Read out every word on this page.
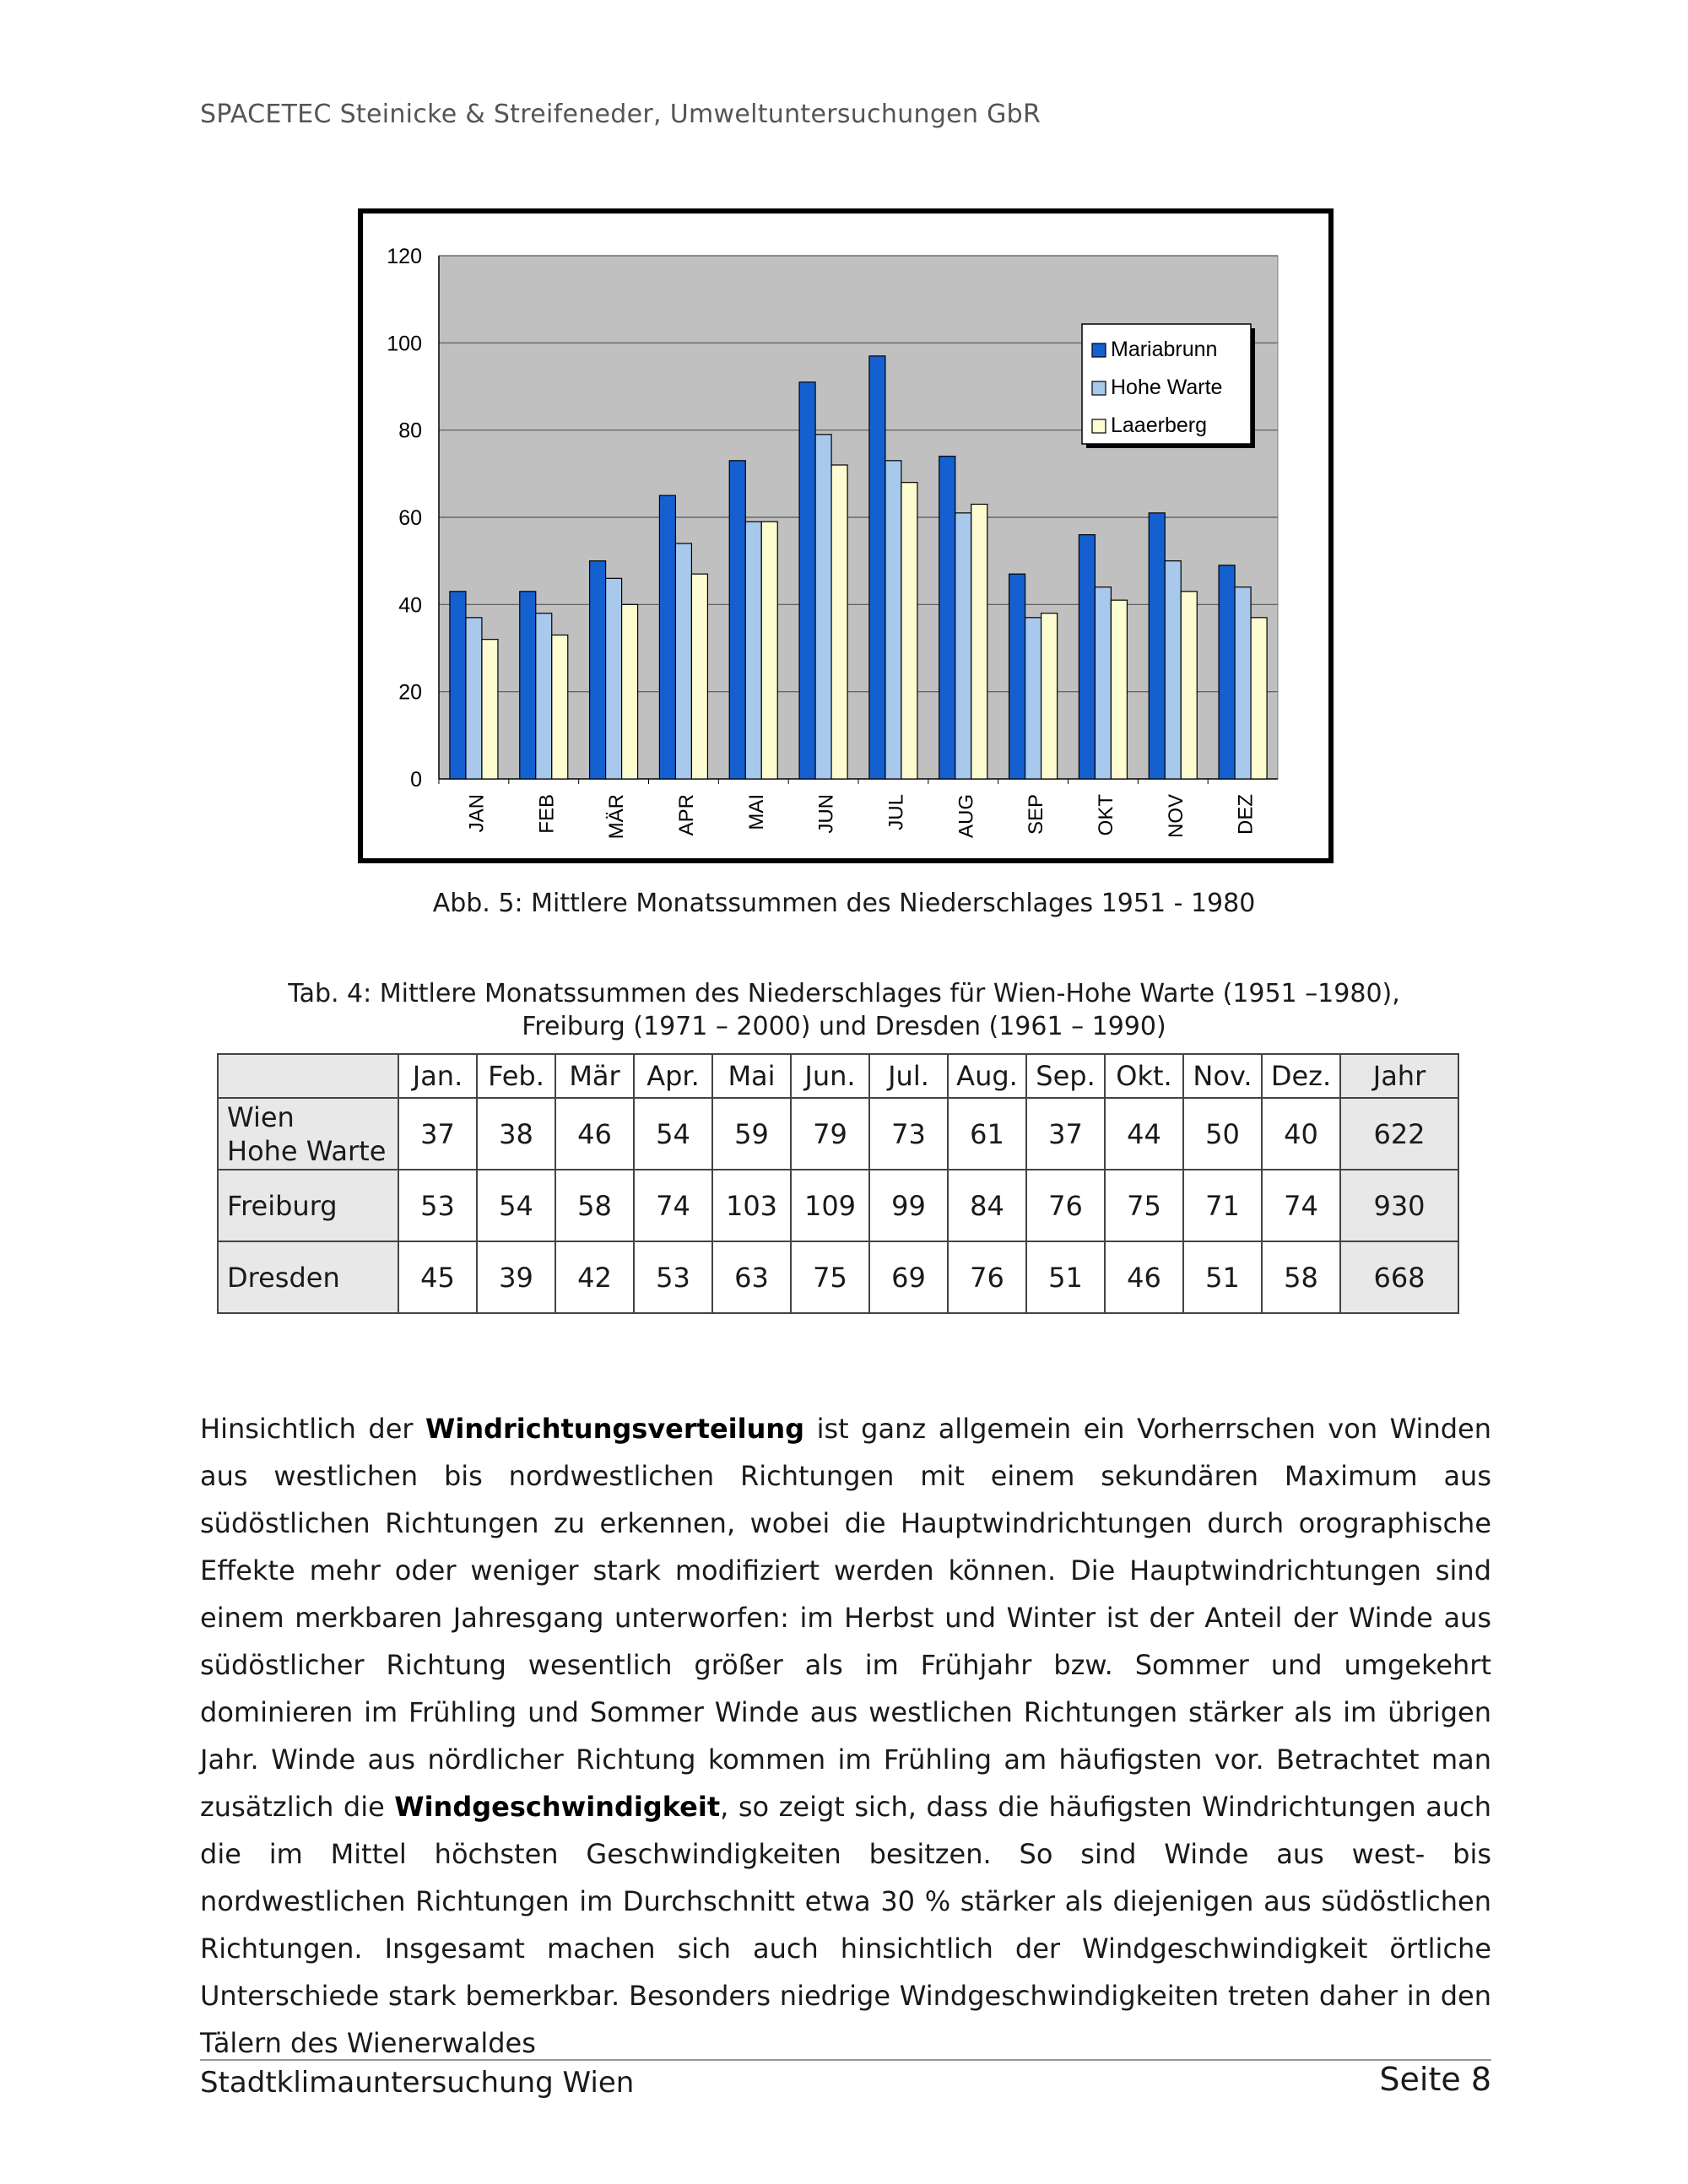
SPACETEC Steinicke & Streifeneder, Umweltuntersuchungen GbR
0
20
40
60
80
100
120
JAN FEB MÄR APR MAI JUN JUL AUG SEP OKT NOV DEZ
Mariabrunn
Hohe Warte
Laaerberg
Abb. 5: Mittlere Monatssummen des Niederschlages 1951 - 1980
Tab. 4: Mittlere Monatssummen des Niederschlages für Wien-Hohe Warte (1951 –1980),
Freiburg (1971 – 2000) und Dresden (1961 – 1990)
	Jan.	Feb.	Mär	Apr.	Mai	Jun.	Jul.	Aug.	Sep.	Okt.	Nov.	Dez.	Jahr
Wien
Hohe Warte	37	38	46	54	59	79	73	61	37	44	50	40	622
Freiburg	53	54	58	74	103	109	99	84	76	75	71	74	930
Dresden	45	39	42	53	63	75	69	76	51	46	51	58	668

Hinsichtlich der Windrichtungsverteilung ist ganz allgemein ein Vorherrschen von Winden aus westlichen bis nordwestlichen Richtungen mit einem sekundären Maximum aus südöstlichen Richtungen zu erkennen, wobei die Hauptwindrichtungen durch orographische Effekte mehr oder weniger stark modifiziert werden können. Die Hauptwindrichtungen sind einem merkbaren Jahresgang unterworfen: im Herbst und Winter ist der Anteil der Winde aus südöstlicher Richtung wesentlich größer als im Frühjahr bzw. Sommer und umgekehrt dominieren im Frühling und Sommer Winde aus westlichen Richtungen stärker als im übrigen Jahr. Winde aus nördlicher Richtung kommen im Frühling am häufigsten vor. Betrachtet man zusätzlich die Windgeschwindigkeit, so zeigt sich, dass die häufigsten Windrichtungen auch die im Mittel höchsten Geschwindigkeiten besitzen. So sind Winde aus west- bis nordwestlichen Richtungen im Durchschnitt etwa 30 % stärker als diejenigen aus südöstlichen Richtungen. Insgesamt machen sich auch hinsichtlich der Windgeschwindigkeit örtliche Unterschiede stark bemerkbar. Besonders niedrige Windgeschwindigkeiten treten daher in den Tälern des Wienerwaldes

Stadtklimauntersuchung Wien	Seite 8
